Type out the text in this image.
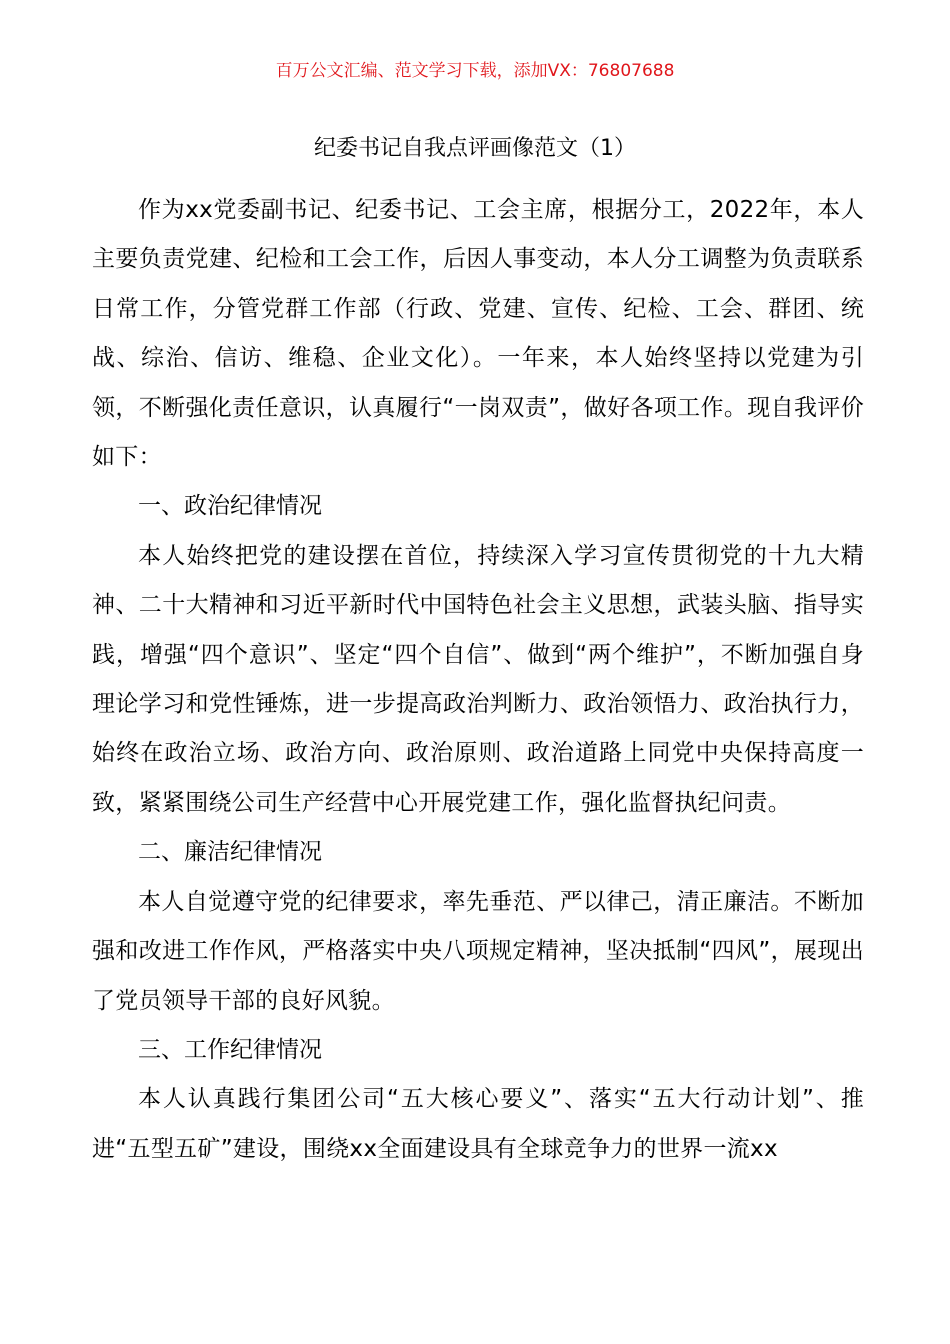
百万公文汇编、范文学习下载，添加VX：76807688

纪委书记自我点评画像范文（1）

作为xx党委副书记、纪委书记、工会主席，根据分工，2022年，本人主要负责党建、纪检和工会工作，后因人事变动，本人分工调整为负责联系日常工作，分管党群工作部（行政、党建、宣传、纪检、工会、群团、统战、综治、信访、维稳、企业文化）。一年来，本人始终坚持以党建为引领，不断强化责任意识，认真履行“一岗双责”，做好各项工作。现自我评价如下：

一、政治纪律情况

本人始终把党的建设摆在首位，持续深入学习宣传贯彻党的十九大精神、二十大精神和习近平新时代中国特色社会主义思想，武装头脑、指导实践，增强“四个意识”、坚定“四个自信”、做到“两个维护”，不断加强自身理论学习和党性锤炼，进一步提高政治判断力、政治领悟力、政治执行力，始终在政治立场、政治方向、政治原则、政治道路上同党中央保持高度一致，紧紧围绕公司生产经营中心开展党建工作，强化监督执纪问责。

二、廉洁纪律情况

本人自觉遵守党的纪律要求，率先垂范、严以律己，清正廉洁。不断加强和改进工作作风，严格落实中央八项规定精神，坚决抵制“四风”，展现出了党员领导干部的良好风貌。

三、工作纪律情况

本人认真践行集团公司“五大核心要义”、落实“五大行动计划”、推进“五型五矿”建设，围绕xx全面建设具有全球竞争力的世界一流xx
